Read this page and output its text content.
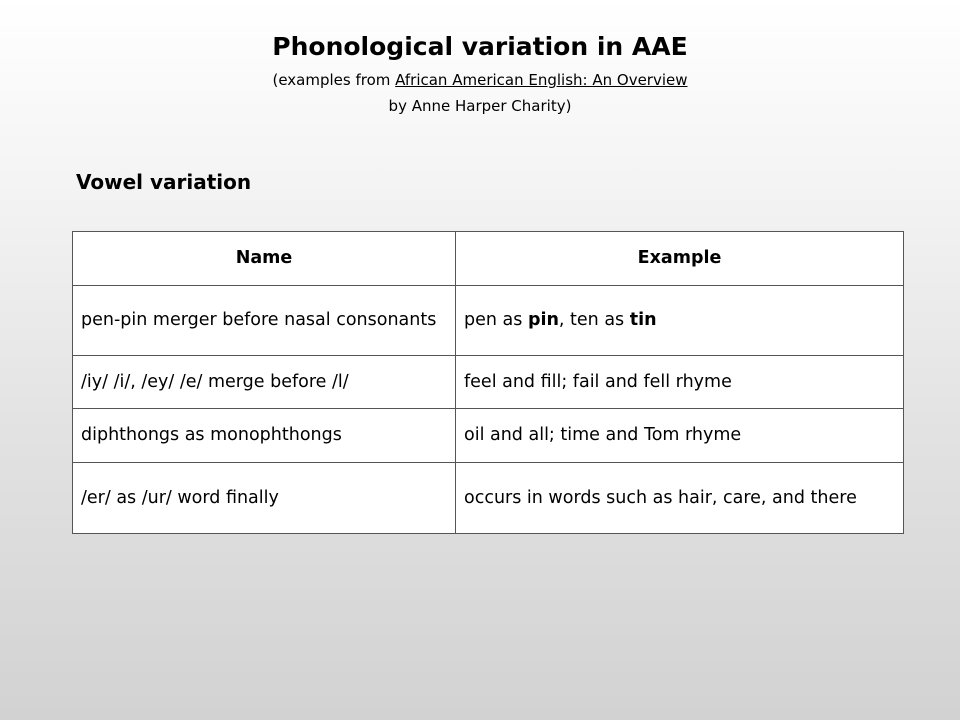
Phonological variation in AAE
(examples from African American English: An Overview
by Anne Harper Charity)
Vowel variation
Name	Example
pen-pin merger before nasal consonants	pen as pin, ten as tin
/iy/ /i/, /ey/ /e/ merge before /l/	feel and fill; fail and fell rhyme
diphthongs as monophthongs	oil and all; time and Tom rhyme
/er/ as /ur/ word finally	occurs in words such as hair, care, and there
